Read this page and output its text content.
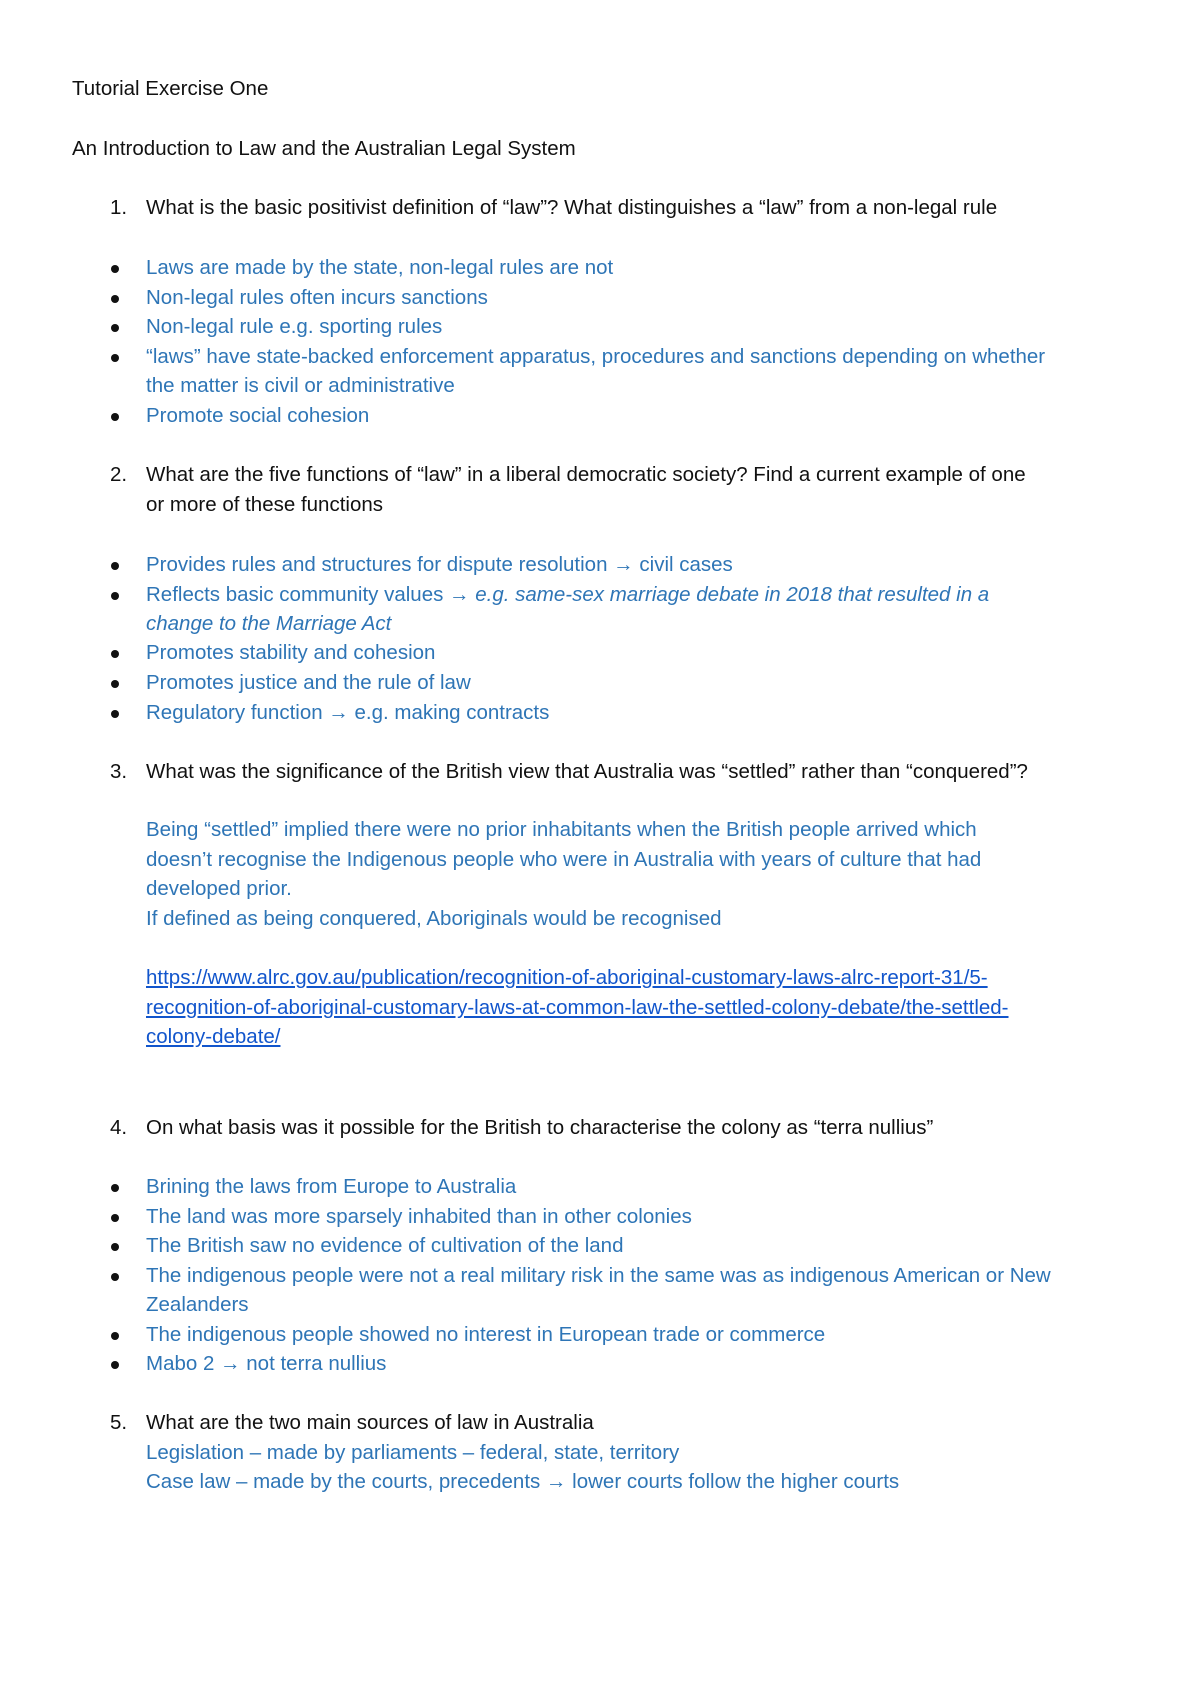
Tutorial Exercise One
An Introduction to Law and the Australian Legal System
1. What is the basic positivist definition of “law”? What distinguishes a “law” from a non-legal rule
Laws are made by the state, non-legal rules are not
Non-legal rules often incurs sanctions
Non-legal rule e.g. sporting rules
“laws” have state-backed enforcement apparatus, procedures and sanctions depending on whether
the matter is civil or administrative
Promote social cohesion
2. What are the five functions of “law” in a liberal democratic society? Find a current example of one
or more of these functions
Provides rules and structures for dispute resolution → civil cases
Reflects basic community values → e.g. same-sex marriage debate in 2018 that resulted in a
change to the Marriage Act
Promotes stability and cohesion
Promotes justice and the rule of law
Regulatory function → e.g. making contracts
3. What was the significance of the British view that Australia was “settled” rather than “conquered”?
Being “settled” implied there were no prior inhabitants when the British people arrived which
doesn’t recognise the Indigenous people who were in Australia with years of culture that had
developed prior.
If defined as being conquered, Aboriginals would be recognised
https://www.alrc.gov.au/publication/recognition-of-aboriginal-customary-laws-alrc-report-31/5-
recognition-of-aboriginal-customary-laws-at-common-law-the-settled-colony-debate/the-settled-
colony-debate/
4. On what basis was it possible for the British to characterise the colony as “terra nullius”
Brining the laws from Europe to Australia
The land was more sparsely inhabited than in other colonies
The British saw no evidence of cultivation of the land
The indigenous people were not a real military risk in the same was as indigenous American or New
Zealanders
The indigenous people showed no interest in European trade or commerce
Mabo 2 → not terra nullius
5. What are the two main sources of law in Australia
Legislation – made by parliaments – federal, state, territory
Case law – made by the courts, precedents → lower courts follow the higher courts
